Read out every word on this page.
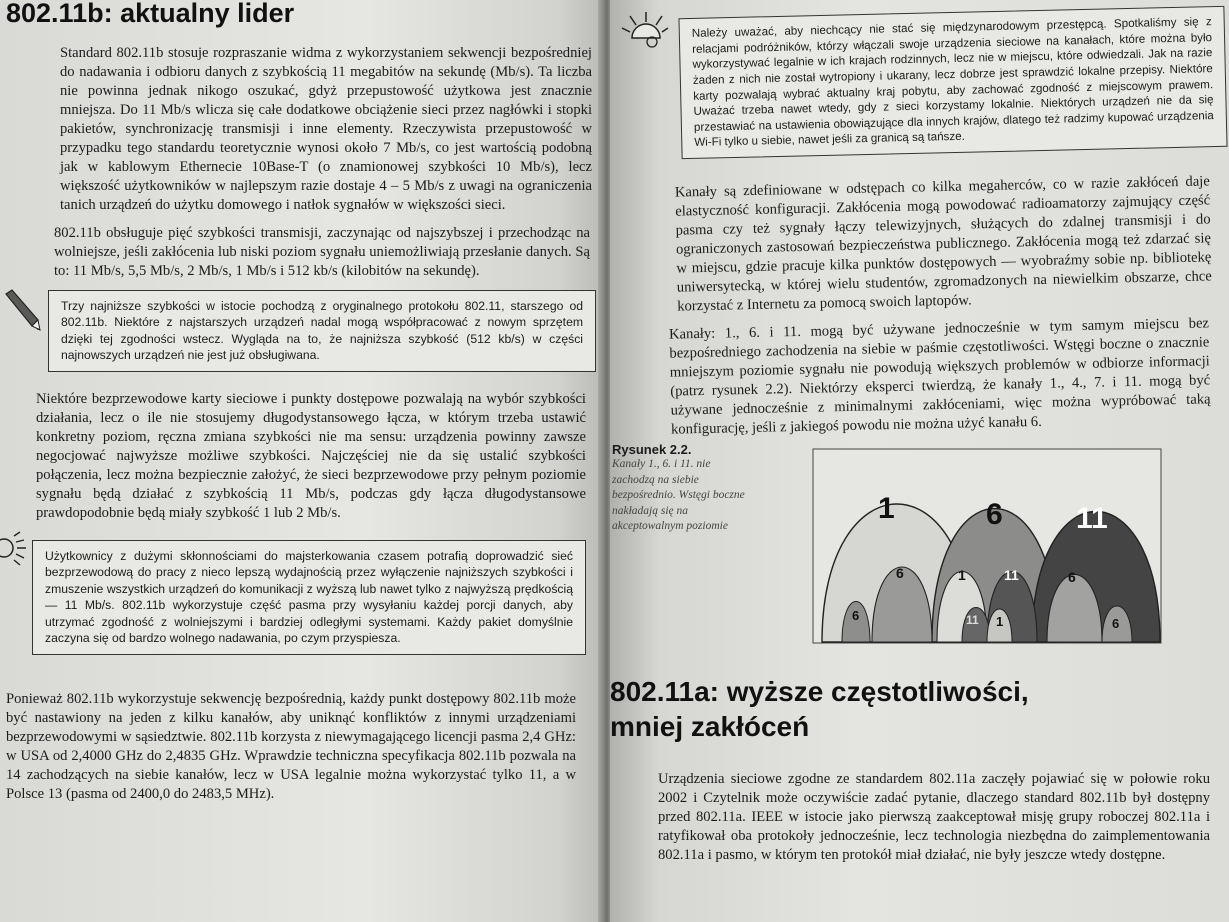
802.11b: aktualny lider

Standard 802.11b stosuje rozpraszanie widma z wykorzystaniem sekwencji bezpośredniej do nadawania i odbioru danych z szybkością 11 megabitów na sekundę (Mb/s). Ta liczba nie powinna jednak nikogo oszukać, gdyż przepustowość użytkowa jest znacznie mniejsza. Do 11 Mb/s wlicza się całe dodatkowe obciążenie sieci przez nagłówki i stopki pakietów, synchronizację transmisji i inne elementy. Rzeczywista przepustowość w przypadku tego standardu teoretycznie wynosi około 7 Mb/s, co jest wartością podobną jak w kablowym Ethernecie 10Base-T (o znamionowej szybkości 10 Mb/s), lecz większość użytkowników w najlepszym razie dostaje 4 – 5 Mb/s z uwagi na ograniczenia tanich urządzeń do użytku domowego i natłok sygnałów w większości sieci.

802.11b obsługuje pięć szybkości transmisji, zaczynając od najszybszej i przechodząc na wolniejsze, jeśli zakłócenia lub niski poziom sygnału uniemożliwiają przesłanie danych. Są to: 11 Mb/s, 5,5 Mb/s, 2 Mb/s, 1 Mb/s i 512 kb/s (kilobitów na sekundę).

Trzy najniższe szybkości w istocie pochodzą z oryginalnego protokołu 802.11, starszego od 802.11b. Niektóre z najstarszych urządzeń nadal mogą współpracować z nowym sprzętem dzięki tej zgodności wstecz. Wygląda na to, że najniższa szybkość (512 kb/s) w części najnowszych urządzeń nie jest już obsługiwana.

Niektóre bezprzewodowe karty sieciowe i punkty dostępowe pozwalają na wybór szybkości działania, lecz o ile nie stosujemy długodystansowego łącza, w którym trzeba ustawić konkretny poziom, ręczna zmiana szybkości nie ma sensu: urządzenia powinny zawsze negocjować najwyższe możliwe szybkości. Najczęściej nie da się ustalić szybkości połączenia, lecz można bezpiecznie założyć, że sieci bezprzewodowe przy pełnym poziomie sygnału będą działać z szybkością 11 Mb/s, podczas gdy łącza długodystansowe prawdopodobnie będą miały szybkość 1 lub 2 Mb/s.

Użytkownicy z dużymi skłonnościami do majsterkowania czasem potrafią doprowadzić sieć bezprzewodową do pracy z nieco lepszą wydajnością przez wyłączenie najniższych szybkości i zmuszenie wszystkich urządzeń do komunikacji z wyższą lub nawet tylko z najwyższą prędkością — 11 Mb/s. 802.11b wykorzystuje część pasma przy wysyłaniu każdej porcji danych, aby utrzymać zgodność z wolniejszymi i bardziej odległymi systemami. Każdy pakiet domyślnie zaczyna się od bardzo wolnego nadawania, po czym przyspiesza.

Ponieważ 802.11b wykorzystuje sekwencję bezpośrednią, każdy punkt dostępowy 802.11b może być nastawiony na jeden z kilku kanałów, aby uniknąć konfliktów z innymi urządzeniami bezprzewodowymi w sąsiedztwie. 802.11b korzysta z niewymagającego licencji pasma 2,4 GHz: w USA od 2,4000 GHz do 2,4835 GHz. Wprawdzie techniczna specyfikacja 802.11b pozwala na 14 zachodzących na siebie kanałów, lecz w USA legalnie można wykorzystać tylko 11, a w Polsce 13 (pasma od 2400,0 do 2483,5 MHz).

Należy uważać, aby niechcący nie stać się międzynarodowym przestępcą. Spotkaliśmy się z relacjami podróżników, którzy włączali swoje urządzenia sieciowe na kanałach, które można było wykorzystywać legalnie w ich krajach rodzinnych, lecz nie w miejscu, które odwiedzali. Jak na razie żaden z nich nie został wytropiony i ukarany, lecz dobrze jest sprawdzić lokalne przepisy. Niektóre karty pozwalają wybrać aktualny kraj pobytu, aby zachować zgodność z miejscowym prawem. Uważać trzeba nawet wtedy, gdy z sieci korzystamy lokalnie. Niektórych urządzeń nie da się przestawiać na ustawienia obowiązujące dla innych krajów, dlatego też radzimy kupować urządzenia Wi-Fi tylko u siebie, nawet jeśli za granicą są tańsze.

Kanały są zdefiniowane w odstępach co kilka megaherców, co w razie zakłóceń daje elastyczność konfiguracji. Zakłócenia mogą powodować radioamatorzy zajmujący część pasma czy też sygnały łączy telewizyjnych, służących do zdalnej transmisji i do ograniczonych zastosowań bezpieczeństwa publicznego. Zakłócenia mogą też zdarzać się w miejscu, gdzie pracuje kilka punktów dostępowych — wyobraźmy sobie np. bibliotekę uniwersytecką, w której wielu studentów, zgromadzonych na niewielkim obszarze, chce korzystać z Internetu za pomocą swoich laptopów.

Kanały: 1., 6. i 11. mogą być używane jednocześnie w tym samym miejscu bez bezpośredniego zachodzenia na siebie w paśmie częstotliwości. Wstęgi boczne o znacznie mniejszym poziomie sygnału nie powodują większych problemów w odbiorze informacji (patrz rysunek 2.2). Niektórzy eksperci twierdzą, że kanały 1., 4., 7. i 11. mogą być używane jednocześnie z minimalnymi zakłóceniami, więc można wypróbować taką konfigurację, jeśli z jakiegoś powodu nie można użyć kanału 6.

Rysunek 2.2.
Kanały 1., 6. i 11. nie zachodzą na siebie bezpośrednio. Wstęgi boczne nakładają się na akceptowalnym poziomie
1	6 11
6	1	11	6
6	11 1	6
802.11a: wyższe częstotliwości,
mniej zakłóceń

Urządzenia sieciowe zgodne ze standardem 802.11a zaczęły pojawiać się w połowie roku 2002 i Czytelnik może oczywiście zadać pytanie, dlaczego standard 802.11b był dostępny przed 802.11a. IEEE w istocie jako pierwszą zaakceptował misję grupy roboczej 802.11a i ratyfikował oba protokoły jednocześnie, lecz technologia niezbędna do zaimplementowania 802.11a i pasmo, w którym ten protokół miał działać, nie były jeszcze wtedy dostępne.
